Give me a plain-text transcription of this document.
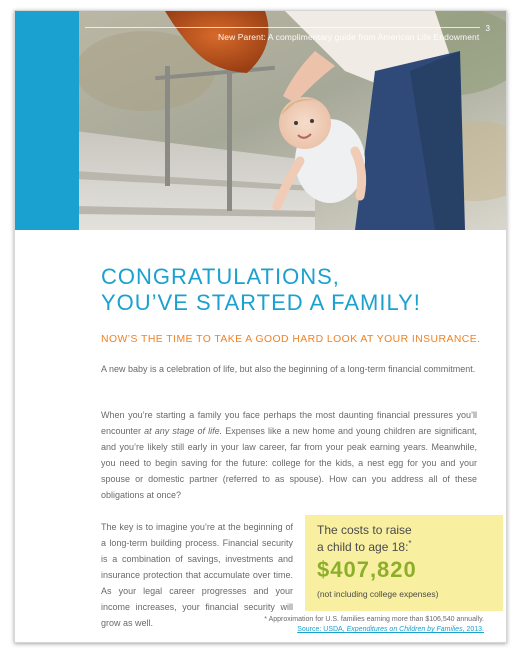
New Parent: A complimentary guide from American Life Endowment
3
CONGRATULATIONS,
YOU’VE STARTED A FAMILY!
NOW’S THE TIME TO TAKE A GOOD HARD LOOK AT YOUR INSURANCE.

A new baby is a celebration of life, but also the beginning of a long-term financial commitment.

When you’re starting a family you face perhaps the most daunting financial pressures you’ll encounter at any stage of life. Expenses like a new home and young children are significant, and you’re likely still early in your law career, far from your peak earning years. Meanwhile, you need to begin saving for the future: college for the kids, a nest egg for you and your spouse or domestic partner (referred to as spouse). How can you address all of these obligations at once?

The key is to imagine you’re at the beginning of a long-term building process. Financial security is a combination of savings, investments and insurance protection that accumulate over time. As your legal career progresses and your income increases, your financial security will grow as well.

The costs to raise
a child to age 18:*
$407,820
(not including college expenses)
* Approximation for U.S. families earning more than $106,540 annually.
Source: USDA, Expenditures on Children by Families, 2013.
